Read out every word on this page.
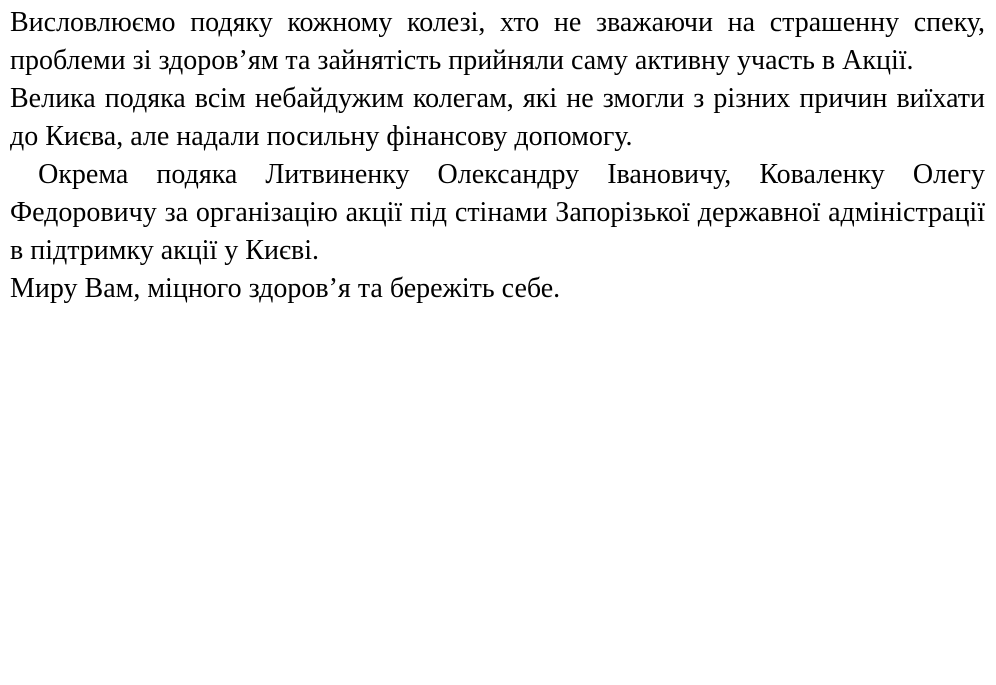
Висловлюємо подяку кожному колезі, хто не зважаючи на страшенну спеку, проблеми зі здоров’ям та зайнятість прийняли саму активну участь в Акції.

Велика подяка всім небайдужим колегам, які не змогли з різних причин виїхати до Києва, але надали посильну фінансову допомогу.

Окрема подяка Литвиненку Олександру Івановичу, Коваленку Олегу Федоровичу за організацію акції під стінами Запорізької державної адміністрації в підтримку акції у Києві.

Миру Вам, міцного здоров’я та бережіть себе.
